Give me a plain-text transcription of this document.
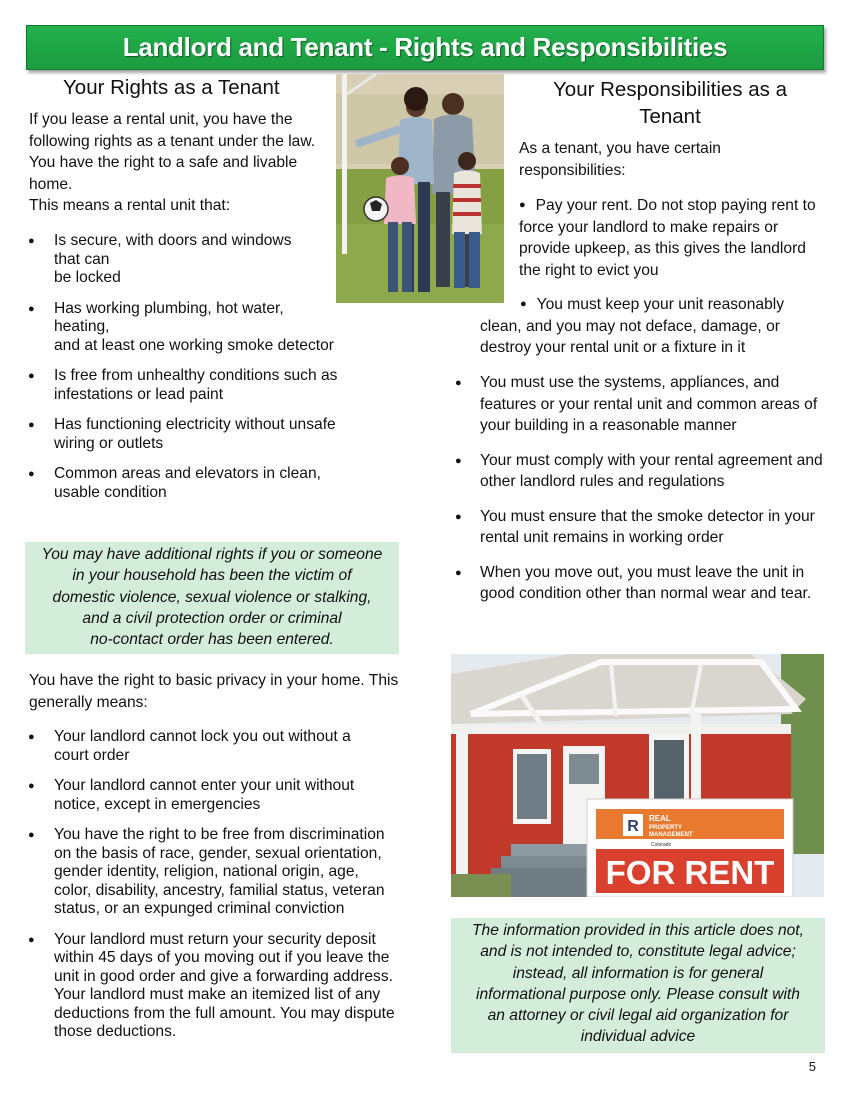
Landlord and Tenant - Rights and Responsibilities
Your Rights as a Tenant
If you lease a rental unit, you have the following rights as a tenant under the law. You have the right to a safe and livable home.
This means a rental unit that:
● Is secure, with doors and windows
that can
be locked
● Has working plumbing, hot water,
heating,
and at least one working smoke detector
● Is free from unhealthy conditions such as infestations or lead paint
● Has functioning electricity without unsafe wiring or outlets
● Common areas and elevators in clean, usable condition
You may have additional rights if you or someone
in your household has been the victim of
domestic violence, sexual violence or stalking,
and a civil protection order or criminal
no-contact order has been entered.
You have the right to basic privacy in your home. This generally means:
● Your landlord cannot lock you out without a court order
● Your landlord cannot enter your unit without notice, except in emergencies
● You have the right to be free from discrimination on the basis of race, gender, sexual orientation, gender identity, religion, national origin, age, color, disability, ancestry, familial status, veteran status, or an expunged criminal conviction
● Your landlord must return your security deposit within 45 days of you moving out if you leave the unit in good order and give a forwarding address. Your landlord must make an itemized list of any deductions from the full amount. You may dispute those deductions.
Your Responsibilities as a
Tenant
As a tenant, you have certain responsibilities:
● Pay your rent. Do not stop paying rent to force your landlord to make repairs or provide upkeep, as this gives the landlord the right to evict you
● You must keep your unit reasonably clean, and you may not deface, damage, or destroy your rental unit or a fixture in it
● You must use the systems, appliances, and features or your rental unit and common areas of your building in a reasonable manner
● Your must comply with your rental agreement and other landlord rules and regulations
● You must ensure that the smoke detector in your rental unit remains in working order
● When you move out, you must leave the unit in good condition other than normal wear and tear.
R REAL
PROPERTY
MANAGEMENT
Colorado
FOR RENT
The information provided in this article does not,
and is not intended to, constitute legal advice;
instead, all information is for general
informational purpose only. Please consult with
an attorney or civil legal aid organization for
individual advice
5
